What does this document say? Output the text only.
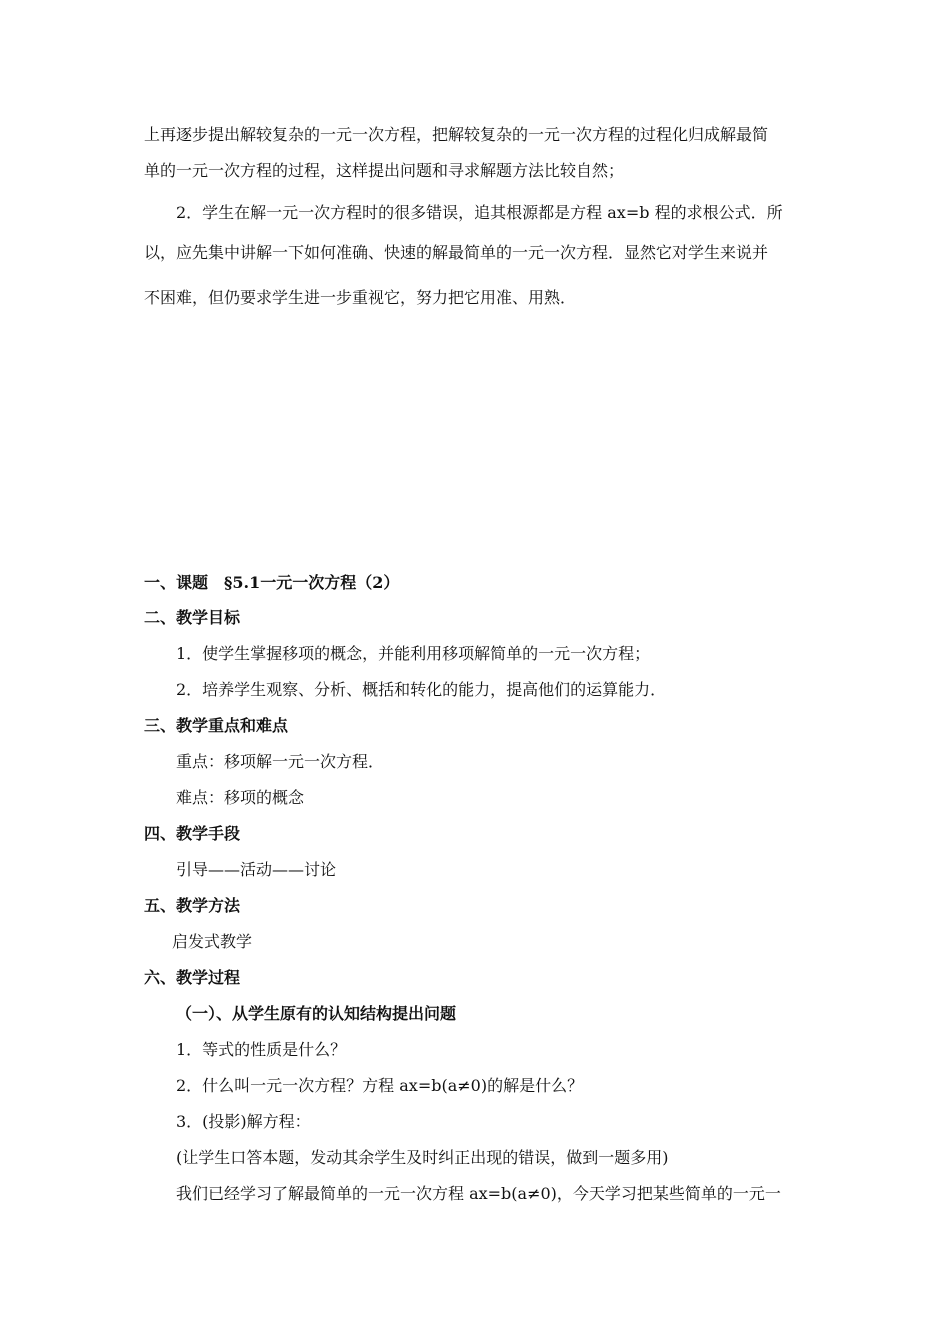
上再逐步提出解较复杂的一元一次方程，把解较复杂的一元一次方程的过程化归成解最简
单的一元一次方程的过程，这样提出问题和寻求解题方法比较自然；
2．学生在解一元一次方程时的很多错误，追其根源都是方程 ax=b 程的求根公式．所
以，应先集中讲解一下如何准确、快速的解最简单的一元一次方程．显然它对学生来说并
不困难，但仍要求学生进一步重视它，努力把它用准、用熟．
一、课题　§5.1一元一次方程（2）
二、教学目标
1．使学生掌握移项的概念，并能利用移项解简单的一元一次方程；
2．培养学生观察、分析、概括和转化的能力，提高他们的运算能力．
三、教学重点和难点
重点：移项解一元一次方程．
难点：移项的概念
四、教学手段
引导——活动——讨论
五、教学方法
启发式教学
六、教学过程
（一）、从学生原有的认知结构提出问题
1．等式的性质是什么？
2．什么叫一元一次方程？方程 ax=b(a≠0)的解是什么？
3．(投影)解方程：
(让学生口答本题，发动其余学生及时纠正出现的错误，做到一题多用)
我们已经学习了解最简单的一元一次方程 ax=b(a≠0)，今天学习把某些简单的一元一
